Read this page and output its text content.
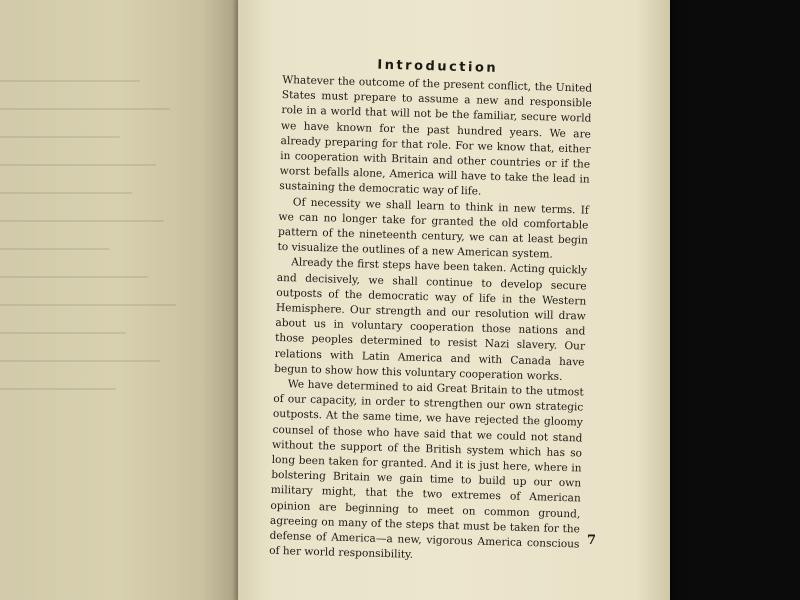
Introduction

Whatever the outcome of the present conflict, the United States must prepare to assume a new and responsible role in a world that will not be the familiar, secure world we have known for the past hundred years. We are already preparing for that role. For we know that, either in cooperation with Britain and other countries or if the worst befalls alone, America will have to take the lead in sustaining the democratic way of life.

Of necessity we shall learn to think in new terms. If we can no longer take for granted the old comfortable pattern of the nineteenth century, we can at least begin to visualize the outlines of a new American system.

Already the first steps have been taken. Acting quickly and decisively, we shall continue to develop secure outposts of the democratic way of life in the Western Hemisphere. Our strength and our resolution will draw about us in voluntary cooperation those nations and those peoples determined to resist Nazi slavery. Our relations with Latin America and with Canada have begun to show how this voluntary cooperation works.

We have determined to aid Great Britain to the utmost of our capacity, in order to strengthen our own strategic outposts. At the same time, we have rejected the gloomy counsel of those who have said that we could not stand without the support of the British system which has so long been taken for granted. And it is just here, where in bolstering Britain we gain time to build up our own military might, that the two extremes of American opinion are beginning to meet on common ground, agreeing on many of the steps that must be taken for the defense of America—a new, vigorous America conscious of her world responsibility.

7
